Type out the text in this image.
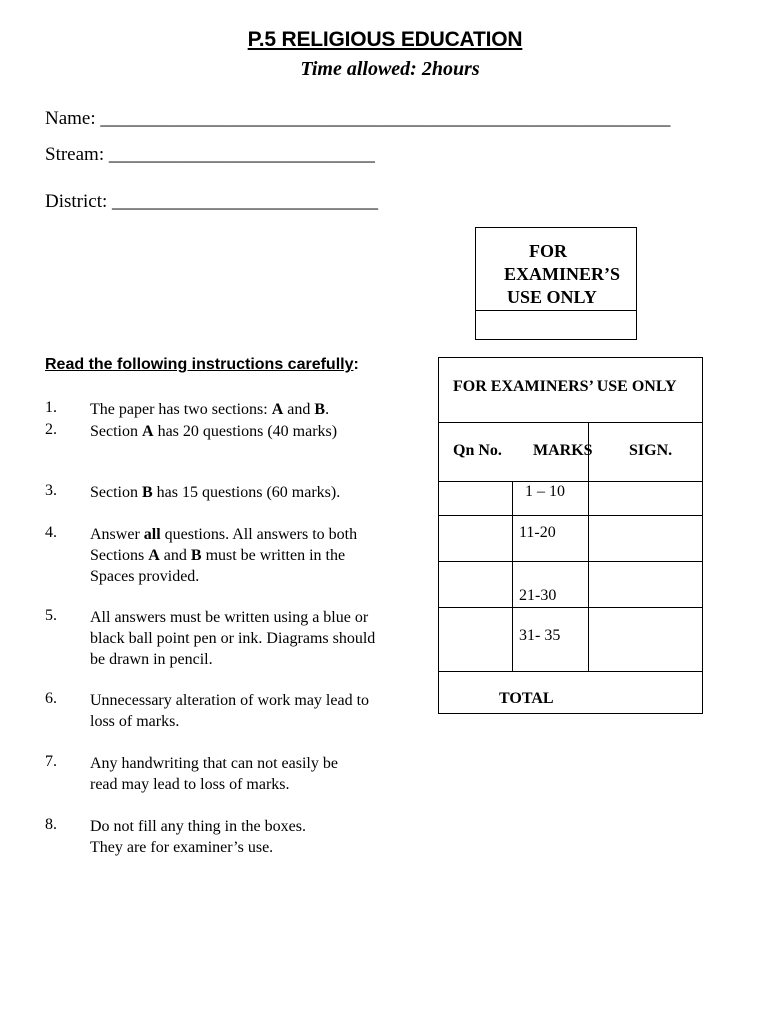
P.5 RELIGIOUS EDUCATION
Time allowed: 2hours
Name: ____________________________________________________________
Stream: ____________________________
District: ____________________________
FOR
EXAMINER’S
USE ONLY
Read the following instructions carefully:
1. The paper has two sections: A and B.
2. Section A has 20 questions (40 marks)
3. Section B has 15 questions (60 marks).
4. Answer all questions. All answers to both
Sections A and B must be written in the
Spaces provided.
5. All answers must be written using a blue or
black ball point pen or ink. Diagrams should
be drawn in pencil.
6. Unnecessary alteration of work may lead to
loss of marks.
7. Any handwriting that can not easily be
read may lead to loss of marks.
8. Do not fill any thing in the boxes.
They are for examiner’s use.
FOR EXAMINERS’ USE ONLY
Qn No. MARKS SIGN.
1 – 10
11-20
21-30
31- 35
TOTAL
